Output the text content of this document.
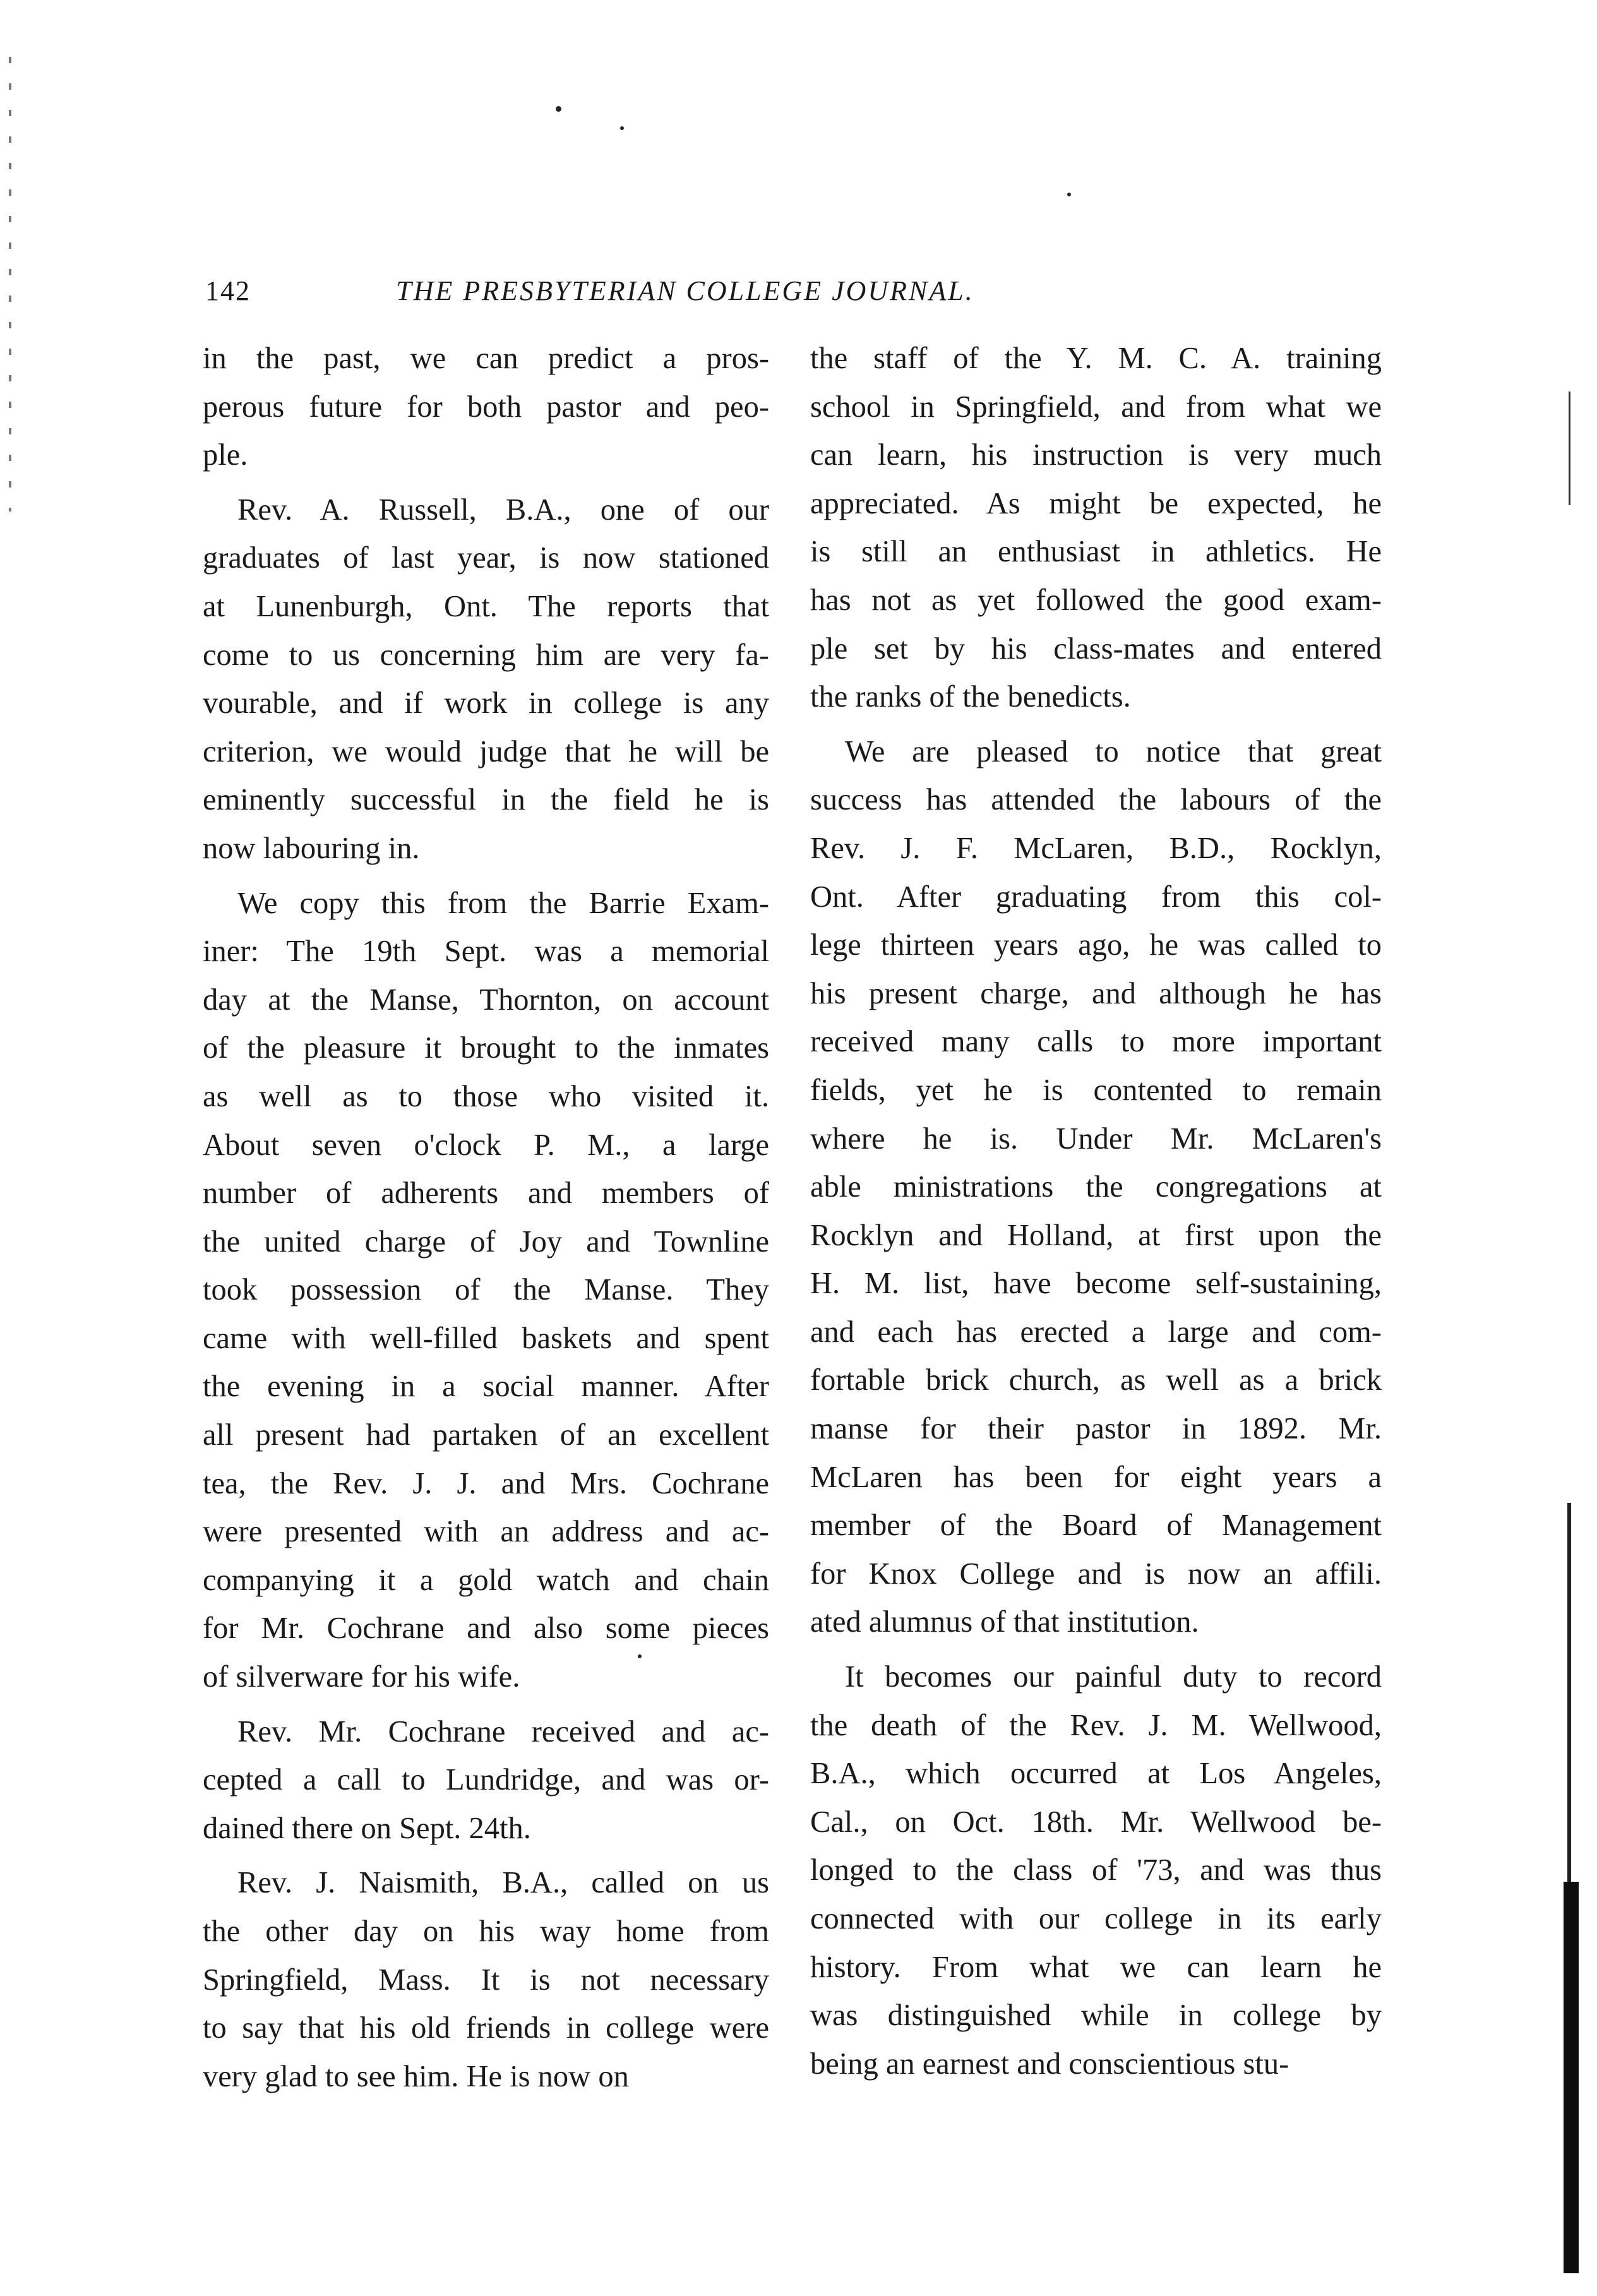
142	THE PRESBYTERIAN COLLEGE JOURNAL.
in the past, we can predict a pros-
perous future for both pastor and peo-
ple.
Rev. A. Russell, B.A., one of our
graduates of last year, is now stationed
at Lunenburgh, Ont. The reports that
come to us concerning him are very fa-
vourable, and if work in college is any
criterion, we would judge that he will be
eminently successful in the field he is
now labouring in.
We copy this from the Barrie Exam-
iner: The 19th Sept. was a memorial
day at the Manse, Thornton, on account
of the pleasure it brought to the inmates
as well as to those who visited it.
About seven o'clock P. M., a large
number of adherents and members of
the united charge of Joy and Townline
took possession of the Manse. They
came with well-filled baskets and spent
the evening in a social manner. After
all present had partaken of an excellent
tea, the Rev. J. J. and Mrs. Cochrane
were presented with an address and ac-
companying it a gold watch and chain
for Mr. Cochrane and also some pieces
of silverware for his wife.
Rev. Mr. Cochrane received and ac-
cepted a call to Lundridge, and was or-
dained there on Sept. 24th.
Rev. J. Naismith, B.A., called on us
the other day on his way home from
Springfield, Mass. It is not necessary
to say that his old friends in college were
very glad to see him. He is now on
the staff of the Y. M. C. A. training
school in Springfield, and from what we
can learn, his instruction is very much
appreciated. As might be expected, he
is still an enthusiast in athletics. He
has not as yet followed the good exam-
ple set by his class-mates and entered
the ranks of the benedicts.
We are pleased to notice that great
success has attended the labours of the
Rev. J. F. McLaren, B.D., Rocklyn,
Ont. After graduating from this col-
lege thirteen years ago, he was called to
his present charge, and although he has
received many calls to more important
fields, yet he is contented to remain
where he is. Under Mr. McLaren's
able ministrations the congregations at
Rocklyn and Holland, at first upon the
H. M. list, have become self-sustaining,
and each has erected a large and com-
fortable brick church, as well as a brick
manse for their pastor in 1892. Mr.
McLaren has been for eight years a
member of the Board of Management
for Knox College and is now an affili.
ated alumnus of that institution.
It becomes our painful duty to record
the death of the Rev. J. M. Wellwood,
B.A., which occurred at Los Angeles,
Cal., on Oct. 18th. Mr. Wellwood be-
longed to the class of '73, and was thus
connected with our college in its early
history. From what we can learn he
was distinguished while in college by
being an earnest and conscientious stu-
